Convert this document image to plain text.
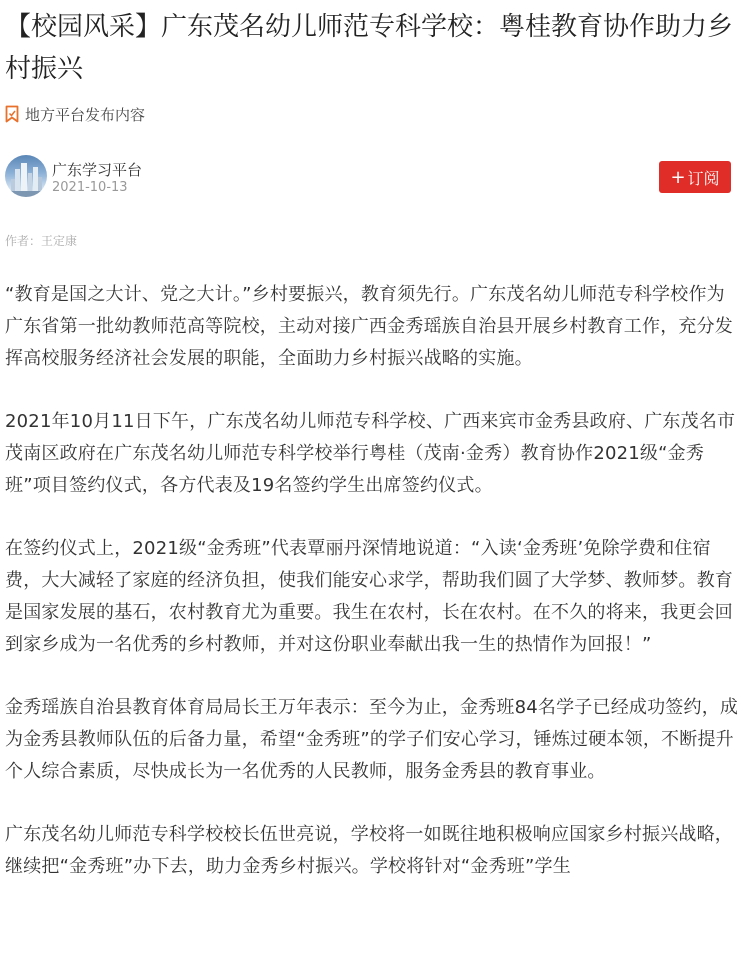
【校园风采】广东茂名幼儿师范专科学校：粤桂教育协作助力乡村振兴
地方平台发布内容
广东学习平台
2021-10-13	+ 订阅
作者：王定康

“教育是国之大计、党之大计。”乡村要振兴，教育须先行。广东茂名幼儿师范专科学校作为广东省第一批幼教师范高等院校，主动对接广西金秀瑶族自治县开展乡村教育工作，充分发挥高校服务经济社会发展的职能，全面助力乡村振兴战略的实施。

2021年10月11日下午，广东茂名幼儿师范专科学校、广西来宾市金秀县政府、广东茂名市茂南区政府在广东茂名幼儿师范专科学校举行粤桂（茂南·金秀）教育协作2021级“金秀班”项目签约仪式，各方代表及19名签约学生出席签约仪式。

在签约仪式上，2021级“金秀班”代表覃丽丹深情地说道：“入读‘金秀班’免除学费和住宿费，大大减轻了家庭的经济负担，使我们能安心求学，帮助我们圆了大学梦、教师梦。教育是国家发展的基石，农村教育尤为重要。我生在农村，长在农村。在不久的将来，我更会回到家乡成为一名优秀的乡村教师，并对这份职业奉献出我一生的热情作为回报！”

金秀瑶族自治县教育体育局局长王万年表示：至今为止，金秀班84名学子已经成功签约，成为金秀县教师队伍的后备力量，希望“金秀班”的学子们安心学习，锤炼过硬本领，不断提升个人综合素质，尽快成长为一名优秀的人民教师，服务金秀县的教育事业。

广东茂名幼儿师范专科学校校长伍世亮说，学校将一如既往地积极响应国家乡村振兴战略，继续把“金秀班”办下去，助力金秀乡村振兴。学校将针对“金秀班”学生
